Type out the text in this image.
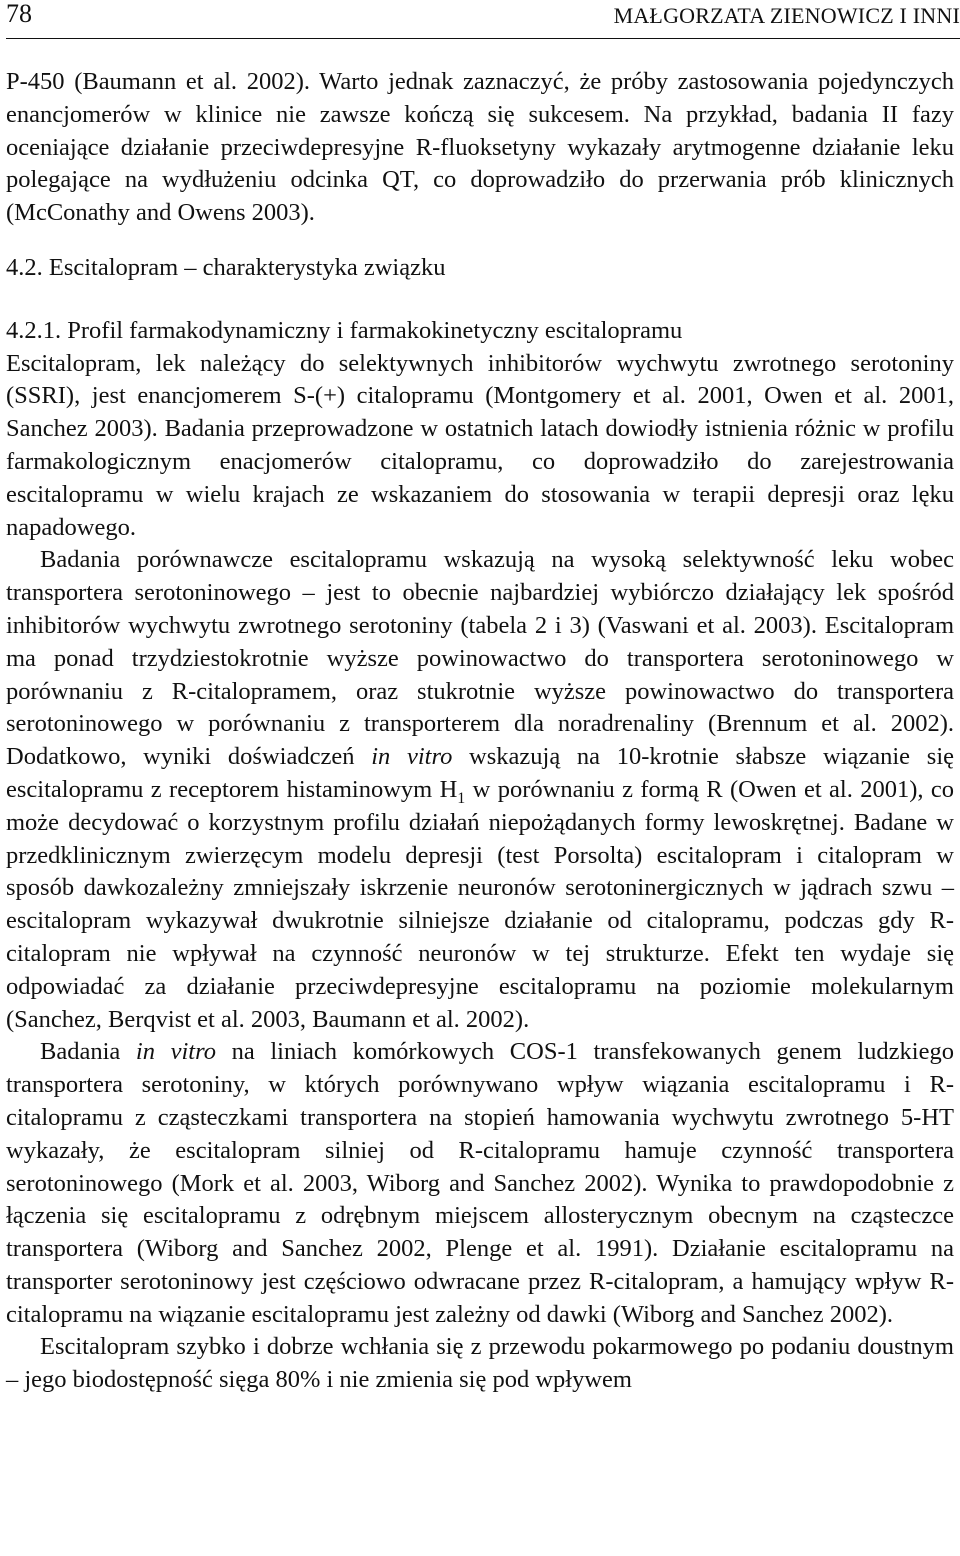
78	MAŁGORZATA ZIENOWICZ I INNI

P-450 (Baumann et al. 2002). Warto jednak zaznaczyć, że próby zastosowania pojedynczych enancjomerów w klinice nie zawsze kończą się sukcesem. Na przykład, badania II fazy oceniające działanie przeciwdepresyjne R-fluoksetyny wykazały arytmogenne działanie leku polegające na wydłużeniu odcinka QT, co doprowadziło do przerwania prób klinicznych (McConathy and Owens 2003).

4.2. Escitalopram – charakterystyka związku
4.2.1. Profil farmakodynamiczny i farmakokinetyczny escitalopramu

Escitalopram, lek należący do selektywnych inhibitorów wychwytu zwrotnego serotoniny (SSRI), jest enancjomerem S-(+) citalopramu (Montgomery et al. 2001, Owen et al. 2001, Sanchez 2003). Badania przeprowadzone w ostatnich latach dowiodły istnienia różnic w profilu farmakologicznym enacjomerów citalopramu, co doprowadziło do zarejestrowania escitalopramu w wielu krajach ze wskazaniem do stosowania w terapii depresji oraz lęku napadowego.

Badania porównawcze escitalopramu wskazują na wysoką selektywność leku wobec transportera serotoninowego – jest to obecnie najbardziej wybiórczo działający lek spośród inhibitorów wychwytu zwrotnego serotoniny (tabela 2 i 3) (Vaswani et al. 2003). Escitalopram ma ponad trzydziestokrotnie wyższe powinowactwo do transportera serotoninowego w porównaniu z R-citalopramem, oraz stukrotnie wyższe powinowactwo do transportera serotoninowego w porównaniu z transporterem dla noradrenaliny (Brennum et al. 2002). Dodatkowo, wyniki doświadczeń in vitro wskazują na 10-krotnie słabsze wiązanie się escitalopramu z receptorem histaminowym $H_1$ w porównaniu z formą R (Owen et al. 2001), co może decydować o korzystnym profilu działań niepożądanych formy lewoskrętnej. Badane w przedklinicznym zwierzęcym modelu depresji (test Porsolta) escitalopram i citalopram w sposób dawkozależny zmniejszały iskrzenie neuronów serotoninergicznych w jądrach szwu – escitalopram wykazywał dwukrotnie silniejsze działanie od citalopramu, podczas gdy R-citalopram nie wpływał na czynność neuronów w tej strukturze. Efekt ten wydaje się odpowiadać za działanie przeciwdepresyjne escitalopramu na poziomie molekularnym (Sanchez, Berqvist et al. 2003, Baumann et al. 2002).

Badania in vitro na liniach komórkowych COS-1 transfekowanych genem ludzkiego transportera serotoniny, w których porównywano wpływ wiązania escitalopramu i R-citalopramu z cząsteczkami transportera na stopień hamowania wychwytu zwrotnego 5-HT wykazały, że escitalopram silniej od R-citalopramu hamuje czynność transportera serotoninowego (Mork et al. 2003, Wiborg and Sanchez 2002). Wynika to prawdopodobnie z łączenia się escitalopramu z odrębnym miejscem allosterycznym obecnym na cząsteczce transportera (Wiborg and Sanchez 2002, Plenge et al. 1991). Działanie escitalopramu na transporter serotoninowy jest częściowo odwracane przez R-citalopram, a hamujący wpływ R-citalopramu na wiązanie escitalopramu jest zależny od dawki (Wiborg and Sanchez 2002).

Escitalopram szybko i dobrze wchłania się z przewodu pokarmowego po podaniu doustnym – jego biodostępność sięga 80% i nie zmienia się pod wpływem
